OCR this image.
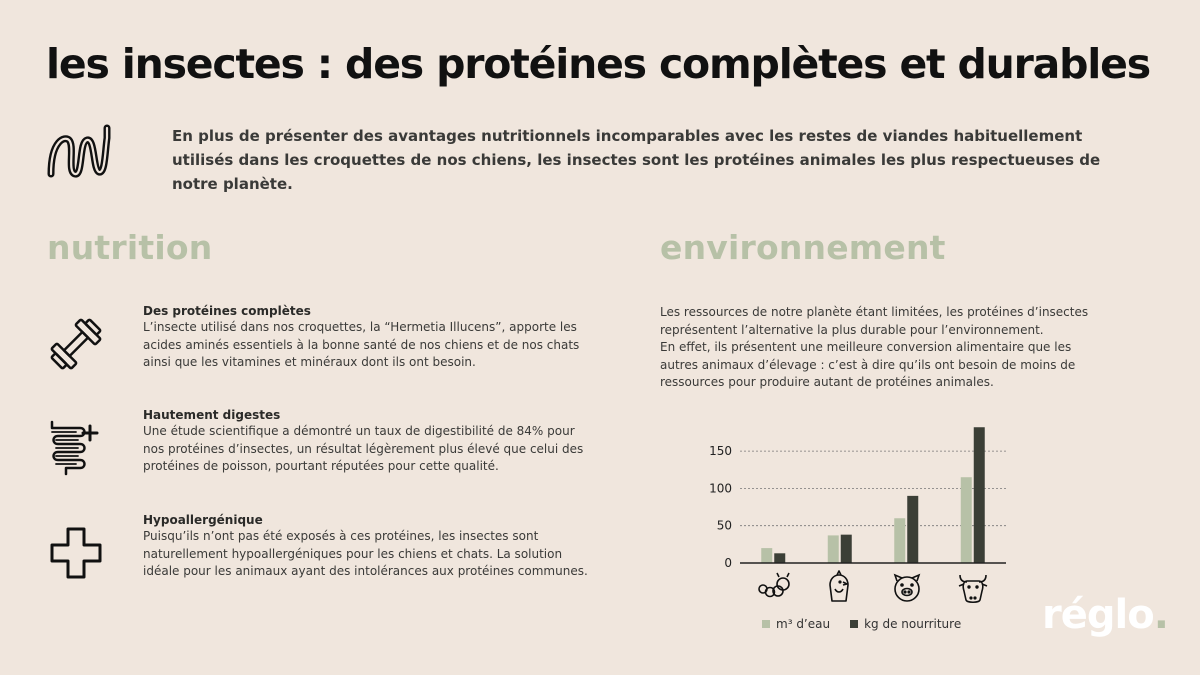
les insectes : des protéines complètes et durables

En plus de présenter des avantages nutritionnels incomparables avec les restes de viandes habituellement utilisés dans les croquettes de nos chiens, les insectes sont les protéines animales les plus respectueuses de notre planète.

nutrition	environnement

Des protéines complètes

L’insecte utilisé dans nos croquettes, la “Hermetia Illucens”, apporte les acides aminés essentiels à la bonne santé de nos chiens et de nos chats ainsi que les vitamines et minéraux dont ils ont besoin.

Hautement digestes

Une étude scientifique a démontré un taux de digestibilité de 84% pour nos protéines d’insectes, un résultat légèrement plus élevé que celui des protéines de poisson, pourtant réputées pour cette qualité.

Hypoallergénique

Puisqu’ils n’ont pas été exposés à ces protéines, les insectes sont naturellement hypoallergéniques pour les chiens et chats. La solution idéale pour les animaux ayant des intolérances aux protéines communes.

Les ressources de notre planète étant limitées, les protéines d’insectes représentent l’alternative la plus durable pour l’environnement.

En effet, ils présentent une meilleure conversion alimentaire que les autres animaux d’élevage : c’est à dire qu’ils ont besoin de moins de ressources pour produire autant de protéines animales.

0
50
100
150
m³ d’eau	kg de nourriture réglo.
